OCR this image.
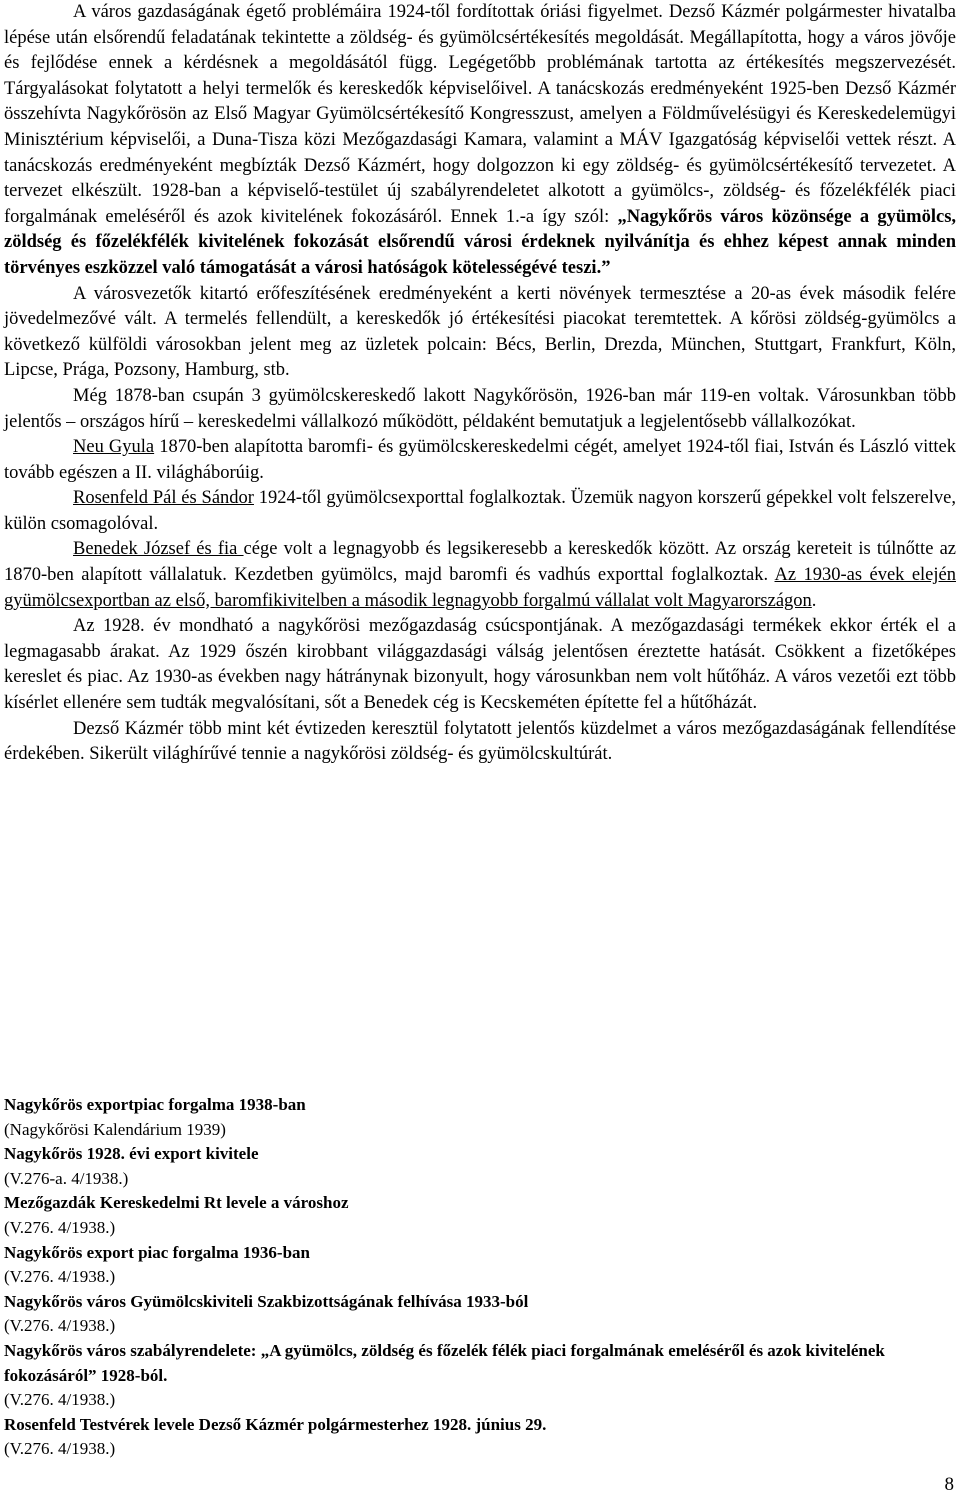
A város gazdaságának égető problémáira 1924-től fordítottak óriási figyelmet. Dezső Kázmér polgármester hivatalba lépése után elsőrendű feladatának tekintette a zöldség- és gyümölcsértékesítés megoldását. Megállapította, hogy a város jövője és fejlődése ennek a kérdésnek a megoldásától függ. Legégetőbb problémának tartotta az értékesítés megszervezését. Tárgyalásokat folytatott a helyi termelők és kereskedők képviselőivel. A tanácskozás eredményeként 1925-ben Dezső Kázmér összehívta Nagykőrösön az Első Magyar Gyümölcsértékesítő Kongresszust, amelyen a Földművelésügyi és Kereskedelemügyi Minisztérium képviselői, a Duna-Tisza közi Mezőgazdasági Kamara, valamint a MÁV Igazgatóság képviselői vettek részt. A tanácskozás eredményeként megbízták Dezső Kázmért, hogy dolgozzon ki egy zöldség- és gyümölcsértékesítő tervezetet. A tervezet elkészült. 1928-ban a képviselő-testület új szabályrendeletet alkotott a gyümölcs-, zöldség- és főzelékfélék piaci forgalmának emeléséről és azok kivitelének fokozásáról. Ennek 1.-a így szól: „Nagykőrös város közönsége a gyümölcs, zöldség és főzelékfélék kivitelének fokozását elsőrendű városi érdeknek nyilvánítja és ehhez képest annak minden törvényes eszközzel való támogatását a városi hatóságok kötelességévé teszi.”

A városvezetők kitartó erőfeszítésének eredményeként a kerti növények termesztése a 20-as évek második felére jövedelmezővé vált. A termelés fellendült, a kereskedők jó értékesítési piacokat teremtettek. A kőrösi zöldség-gyümölcs a következő külföldi városokban jelent meg az üzletek polcain: Bécs, Berlin, Drezda, München, Stuttgart, Frankfurt, Köln, Lipcse, Prága, Pozsony, Hamburg, stb.

Még 1878-ban csupán 3 gyümölcskereskedő lakott Nagykőrösön, 1926-ban már 119-en voltak. Városunkban több jelentős – országos hírű – kereskedelmi vállalkozó működött, példaként bemutatjuk a legjelentősebb vállalkozókat.

Neu Gyula 1870-ben alapította baromfi- és gyümölcskereskedelmi cégét, amelyet 1924-től fiai, István és László vittek tovább egészen a II. világháborúig.

Rosenfeld Pál és Sándor 1924-től gyümölcsexporttal foglalkoztak. Üzemük nagyon korszerű gépekkel volt felszerelve, külön csomagolóval.

Benedek József és fia cége volt a legnagyobb és legsikeresebb a kereskedők között. Az ország kereteit is túlnőtte az 1870-ben alapított vállalatuk. Kezdetben gyümölcs, majd baromfi és vadhús exporttal foglalkoztak. Az 1930-as évek elején gyümölcsexportban az első, baromfikivitelben a második legnagyobb forgalmú vállalat volt Magyarországon.

Az 1928. év mondható a nagykőrösi mezőgazdaság csúcspontjának. A mezőgazdasági termékek ekkor érték el a legmagasabb árakat. Az 1929 őszén kirobbant világgazdasági válság jelentősen éreztette hatását. Csökkent a fizetőképes kereslet és piac. Az 1930-as években nagy hátránynak bizonyult, hogy városunkban nem volt hűtőház. A város vezetői ezt több kísérlet ellenére sem tudták megvalósítani, sőt a Benedek cég is Kecskeméten építette fel a hűtőházát.

Dezső Kázmér több mint két évtizeden keresztül folytatott jelentős küzdelmet a város mezőgazdaságának fellendítése érdekében. Sikerült világhírűvé tennie a nagykőrösi zöldség- és gyümölcskultúrát.

Nagykőrös exportpiac forgalma 1938-ban
(Nagykőrösi Kalendárium 1939)
Nagykőrös 1928. évi export kivitele
(V.276-a. 4/1938.)
Mezőgazdák Kereskedelmi Rt levele a városhoz
(V.276. 4/1938.)
Nagykőrös export piac forgalma 1936-ban
(V.276. 4/1938.)
Nagykőrös város Gyümölcskiviteli Szakbizottságának felhívása 1933-ból
(V.276. 4/1938.)
Nagykőrös város szabályrendelete: „A gyümölcs, zöldség és főzelék félék piaci forgalmának emeléséről és azok kivitelének fokozásáról” 1928-ból.
(V.276. 4/1938.)
Rosenfeld Testvérek levele Dezső Kázmér polgármesterhez 1928. június 29.
(V.276. 4/1938.)
8
